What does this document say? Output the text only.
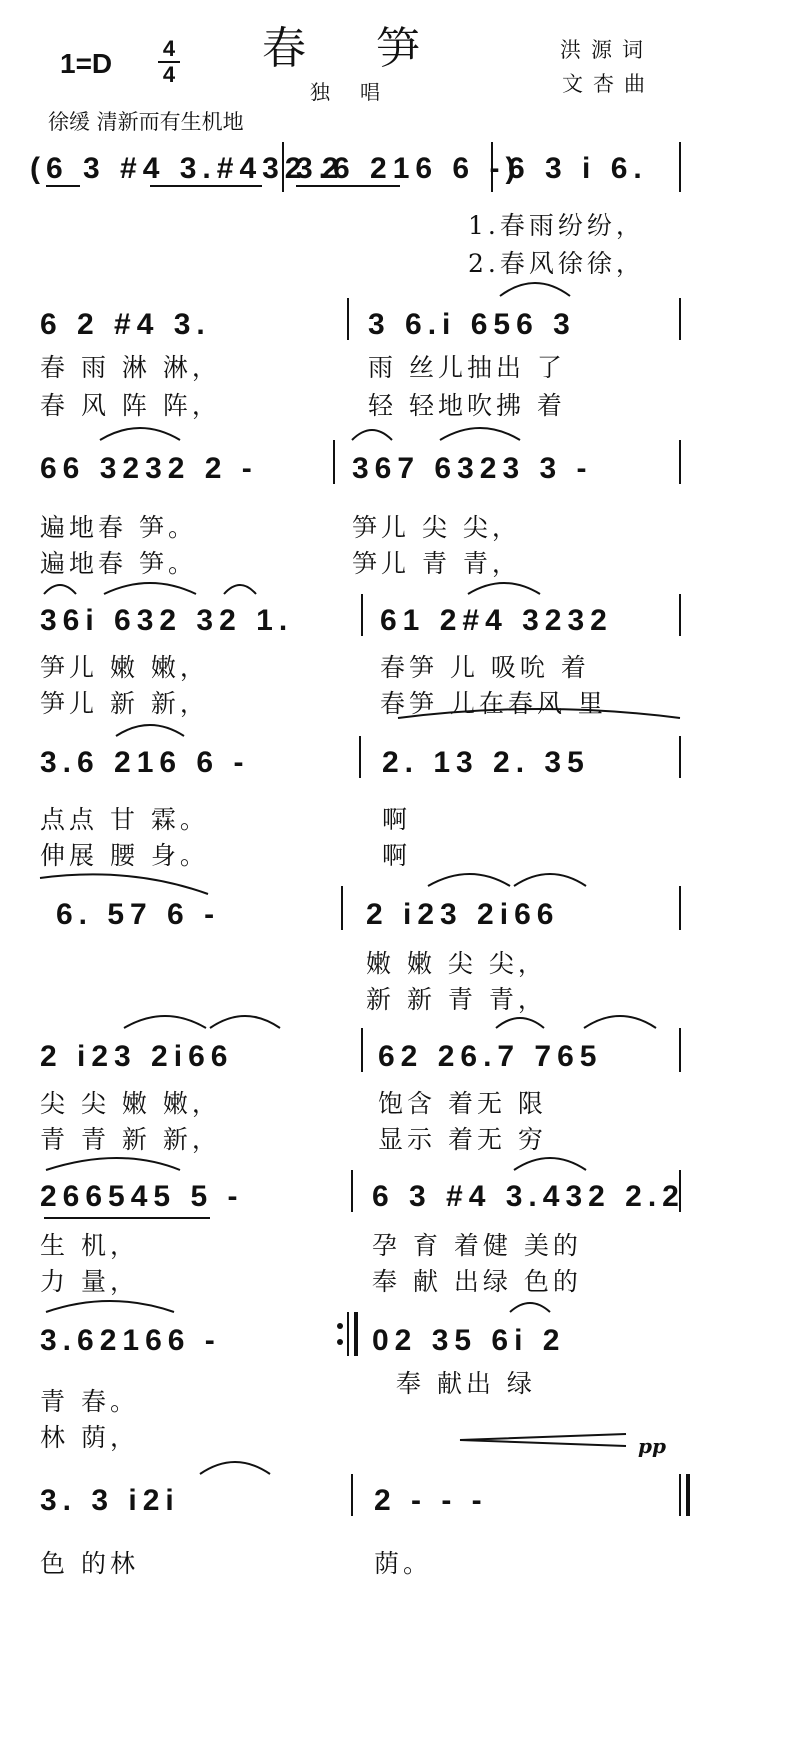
1=D 4
4
春笋
独唱
洪源词
文杏曲
徐缓 清新而有生机地
(6 3 #4 3.#432 2
3.6 216 6 -)
6 3 i 6.
1.春雨纷纷，
2.春风徐徐，
6 2 #4 3.	3 6.i 656 3
春 雨 淋 淋，	雨 丝儿抽出 了
春 风 阵 阵，	轻 轻地吹拂 着
66 3232 2 -	367 6323 3 -
遍地春 笋。	笋儿 尖 尖，
遍地春 笋。	笋儿 青 青，
36i 632 32 1.	61 2#4 3232
笋儿 嫩 嫩，	春笋 儿 吸吮 着
笋儿 新 新，	春笋 儿在春风 里
3.6 216 6 -	2. 13 2. 35
点点 甘 霖。	啊
伸展 腰 身。	啊
6. 57 6 -	2 i23 2i66
嫩 嫩 尖 尖，
新 新 青 青，
2 i23 2i66	62 26.7 765
尖 尖 嫩 嫩，	饱含 着无 限
青 青 新 新，	显示 着无 穷
266545 5 -	6 3 #4 3.432 2.2
生 机，	孕 育 着健 美的
力 量，	奉 献 出绿 色的
3.62166 -	02 35 6i 2
青 春。
奉 献出 绿
林 荫，	pp
3. 3 i2i	2 - - -
色 的林	荫。
